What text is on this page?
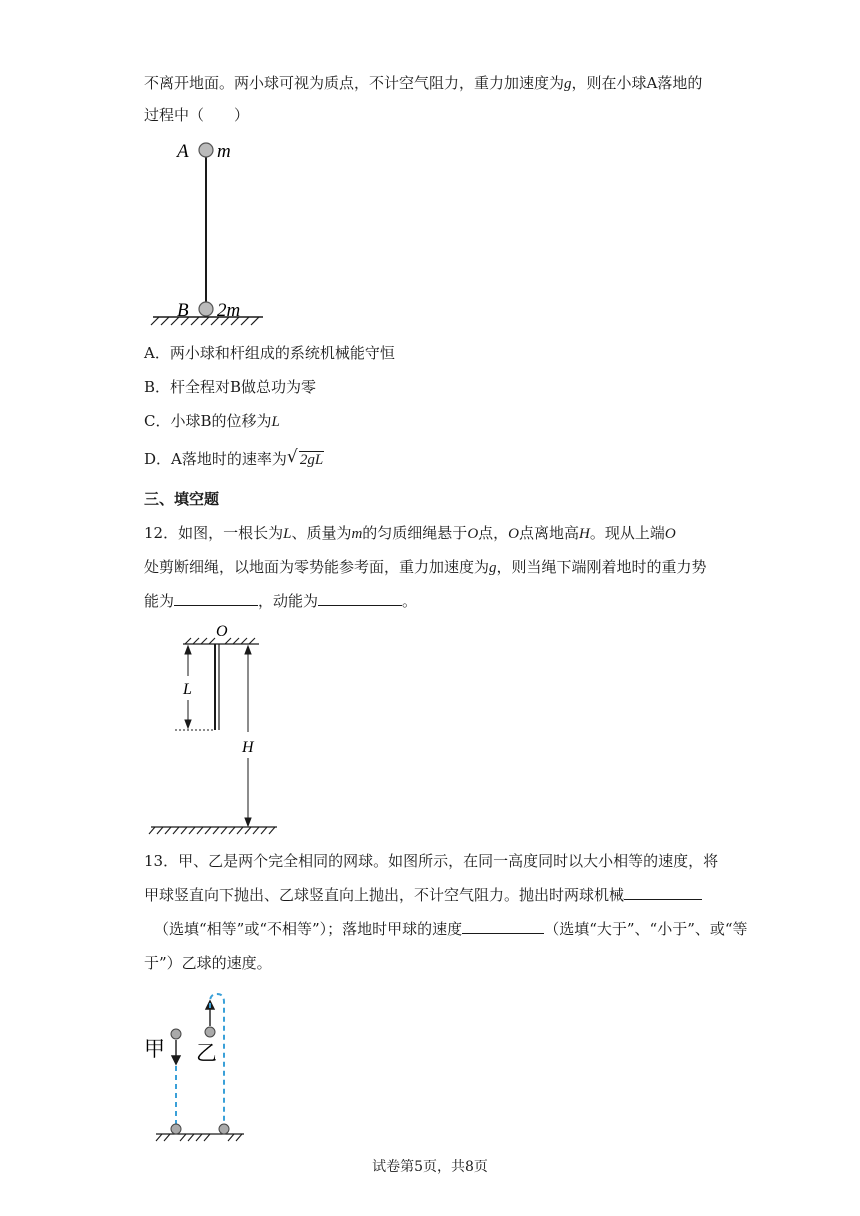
不离开地面。两小球可视为质点，不计空气阻力，重力加速度为g，则在小球A落地的
过程中（　　）
A m
B 2m
A．两小球和杆组成的系统机械能守恒
B．杆全程对B做总功为零
C．小球B的位移为L
D．A落地时的速率为 √ 2gL
三、填空题
12．如图，一根长为L、质量为m的匀质细绳悬于O点，O点离地高H。现从上端O
处剪断细绳，以地面为零势能参考面，重力加速度为g，则当绳下端刚着地时的重力势
能为	，动能为	。
O
L
H
13．甲、乙是两个完全相同的网球。如图所示，在同一高度同时以大小相等的速度，将
甲球竖直向下抛出、乙球竖直向上抛出，不计空气阻力。抛出时两球机械
（选填“相等”或“不相等”）；落地时甲球的速度	（选填“大于”、“小于”、或“等
于”）乙球的速度。
甲 乙
试卷第5页，共8页
